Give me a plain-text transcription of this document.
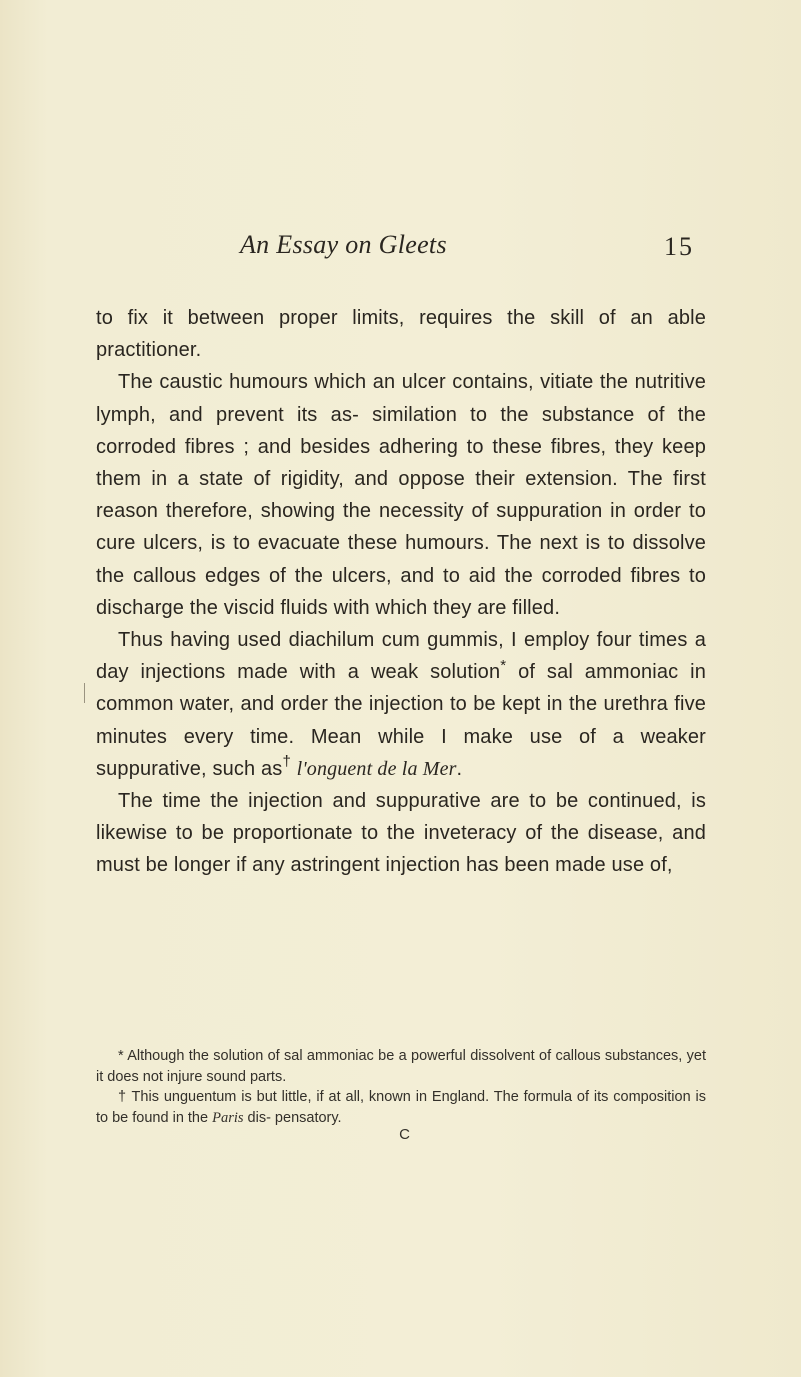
An Essay on Gleets	15

to fix it between proper limits, requires the skill of an able practitioner.

The caustic humours which an ulcer contains, vitiate the nutritive lymph, and prevent its as- similation to the substance of the corroded fibres ; and besides adhering to these fibres, they keep them in a state of rigidity, and oppose their extension. The first reason therefore, showing the necessity of suppuration in order to cure ulcers, is to evacuate these humours. The next is to dissolve the callous edges of the ulcers, and to aid the corroded fibres to discharge the viscid fluids with which they are filled.

Thus having used diachilum cum gummis, I employ four times a day injections made with a weak solution* of sal ammoniac in common water, and order the injection to be kept in the urethra five minutes every time. Mean while I make use of a weaker suppurative, such as† l'onguent de la Mer.

The time the injection and suppurative are to be continued, is likewise to be proportionate to the inveteracy of the disease, and must be longer if any astringent injection has been made use of,

* Although the solution of sal ammoniac be a powerful dissolvent of callous substances, yet it does not injure sound parts.

† This unguentum is but little, if at all, known in England. The formula of its composition is to be found in the Paris dis- pensatory.

C
